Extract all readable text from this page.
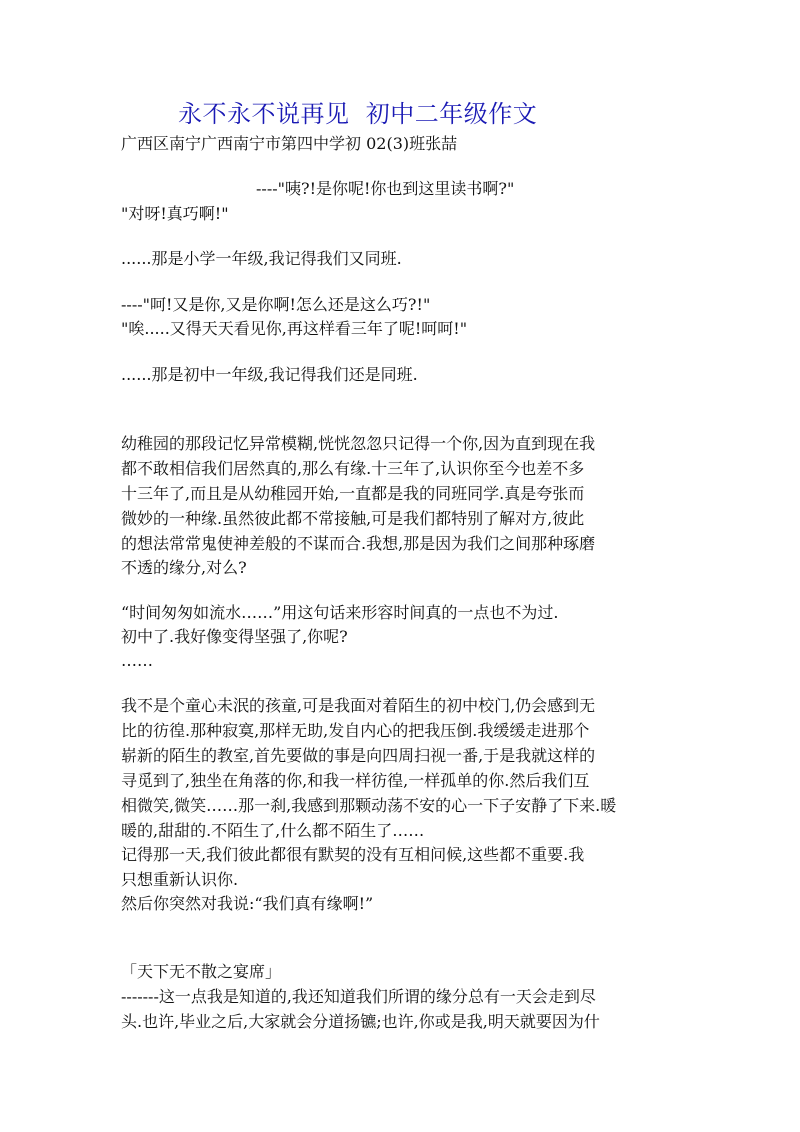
永不永不说再见  初中二年级作文
广西区南宁广西南宁市第四中学初 02(3)班张喆
----"咦?!是你呢!你也到这里读书啊?"
"对呀!真巧啊!"
......那是小学一年级,我记得我们又同班.
----"呵!又是你,又是你啊!怎么还是这么巧?!"
"唉.....又得天天看见你,再这样看三年了呢!呵呵!"
......那是初中一年级,我记得我们还是同班.
幼稚园的那段记忆异常模糊,恍恍忽忽只记得一个你,因为直到现在我
都不敢相信我们居然真的,那么有缘.十三年了,认识你至今也差不多
十三年了,而且是从幼稚园开始,一直都是我的同班同学.真是夸张而
微妙的一种缘.虽然彼此都不常接触,可是我们都特别了解对方,彼此
的想法常常鬼使神差般的不谋而合.我想,那是因为我们之间那种琢磨
不透的缘分,对么?
“时间匆匆如流水……”用这句话来形容时间真的一点也不为过.
初中了.我好像变得坚强了,你呢?
……
我不是个童心未泯的孩童,可是我面对着陌生的初中校门,仍会感到无
比的彷徨.那种寂寞,那样无助,发自内心的把我压倒.我缓缓走进那个
崭新的陌生的教室,首先要做的事是向四周扫视一番,于是我就这样的
寻觅到了,独坐在角落的你,和我一样彷徨,一样孤单的你.然后我们互
相微笑,微笑……那一刹,我感到那颗动荡不安的心一下子安静了下来.暖
暖的,甜甜的.不陌生了,什么都不陌生了……
记得那一天,我们彼此都很有默契的没有互相问候,这些都不重要.我
只想重新认识你.
然后你突然对我说:“我们真有缘啊!”
「天下无不散之宴席」
-------这一点我是知道的,我还知道我们所谓的缘分总有一天会走到尽
头.也许,毕业之后,大家就会分道扬镳;也许,你或是我,明天就要因为什
